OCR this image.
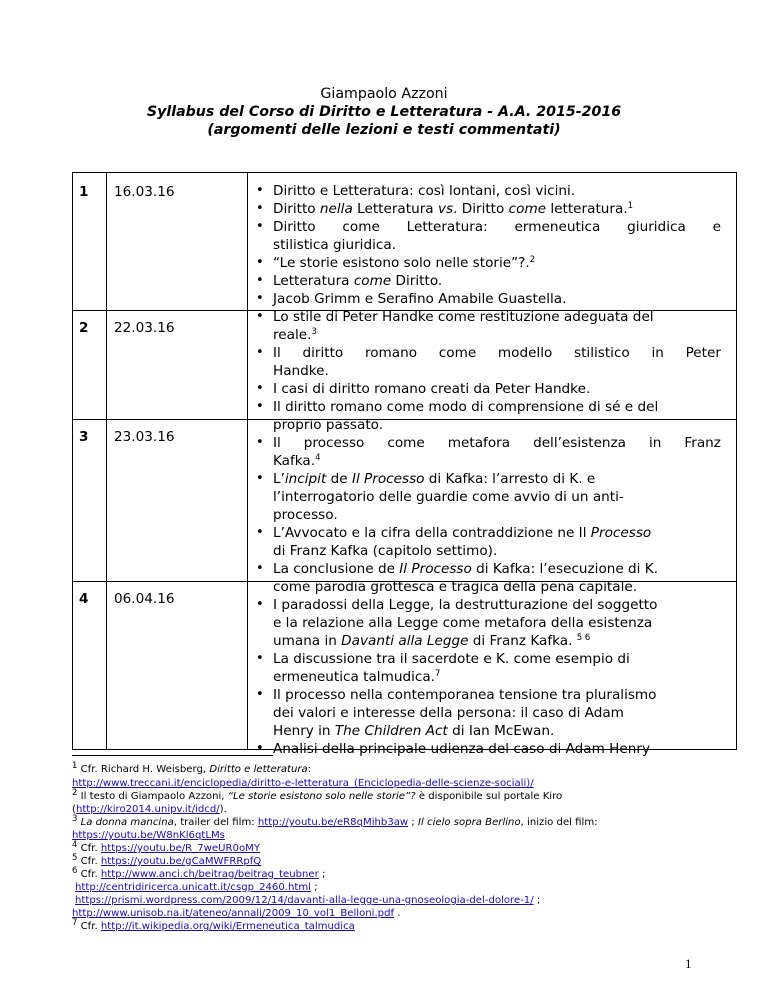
Giampaolo Azzoni
Syllabus del Corso di Diritto e Letteratura - A.A. 2015-2016
(argomenti delle lezioni e testi commentati)
1 16.03.16
2 22.03.16
3 23.03.16
4 06.04.16
• Diritto e Letteratura: così lontani, così vicini.
• Diritto nella Letteratura vs. Diritto come letteratura.$^1$
• Diritto come Letteratura: ermeneutica giuridica e
stilistica giuridica.
• “Le storie esistono solo nelle storie”?.$^2$
• Letteratura come Diritto.
• Jacob Grimm e Serafino Amabile Guastella.
• Lo stile di Peter Handke come restituzione adeguata del
reale.$^3$
• Il diritto romano come modello stilistico in Peter
Handke.
• I casi di diritto romano creati da Peter Handke.
• Il diritto romano come modo di comprensione di sé e del
proprio passato.
• Il processo come metafora dell’esistenza in Franz
Kafka.$^4$
• L’incipit de Il Processo di Kafka: l’arresto di K. e
l’interrogatorio delle guardie come avvio di un anti-
processo.
• L’Avvocato e la cifra della contraddizione ne Il Processo
di Franz Kafka (capitolo settimo).
• La conclusione de Il Processo di Kafka: l’esecuzione di K.
come parodia grottesca e tragica della pena capitale.
• I paradossi della Legge, la destrutturazione del soggetto
e la relazione alla Legge come metafora della esistenza
umana in Davanti alla Legge di Franz Kafka. $^{5 6}$
• La discussione tra il sacerdote e K. come esempio di
ermeneutica talmudica.$^7$
• Il processo nella contemporanea tensione tra pluralismo
dei valori e interesse della persona: il caso di Adam
Henry in The Children Act di Ian McEwan.
• Analisi della principale udienza del caso di Adam Henry
$^1$ Cfr. Richard H. Weisberg, Diritto e letteratura:
http://www.treccani.it/enciclopedia/diritto-e-letteratura_(Enciclopedia-delle-scienze-sociali)/
$^2$ Il testo di Giampaolo Azzoni, “Le storie esistono solo nelle storie”? è disponibile sul portale Kiro
(http://kiro2014.unipv.it/idcd/).
$^3$ La donna mancina, trailer del film: http://youtu.be/eR8qMihb3aw ; Il cielo sopra Berlino, inizio del film:
https://youtu.be/W8nKl6qtLMs
$^4$ Cfr. https://youtu.be/R_7weUR0oMY
$^5$ Cfr. https://youtu.be/gCaMWFRRpfQ
$^6$ Cfr. http://www.anci.ch/beitrag/beitrag_teubner ;
http://centridiricerca.unicatt.it/csgp_2460.html ;
https://prismi.wordpress.com/2009/12/14/davanti-alla-legge-una-gnoseologia-del-dolore-1/ ;
http://www.unisob.na.it/ateneo/annali/2009_10_vol1_Belloni.pdf .
$^7$ Cfr. http://it.wikipedia.org/wiki/Ermeneutica_talmudica
1
